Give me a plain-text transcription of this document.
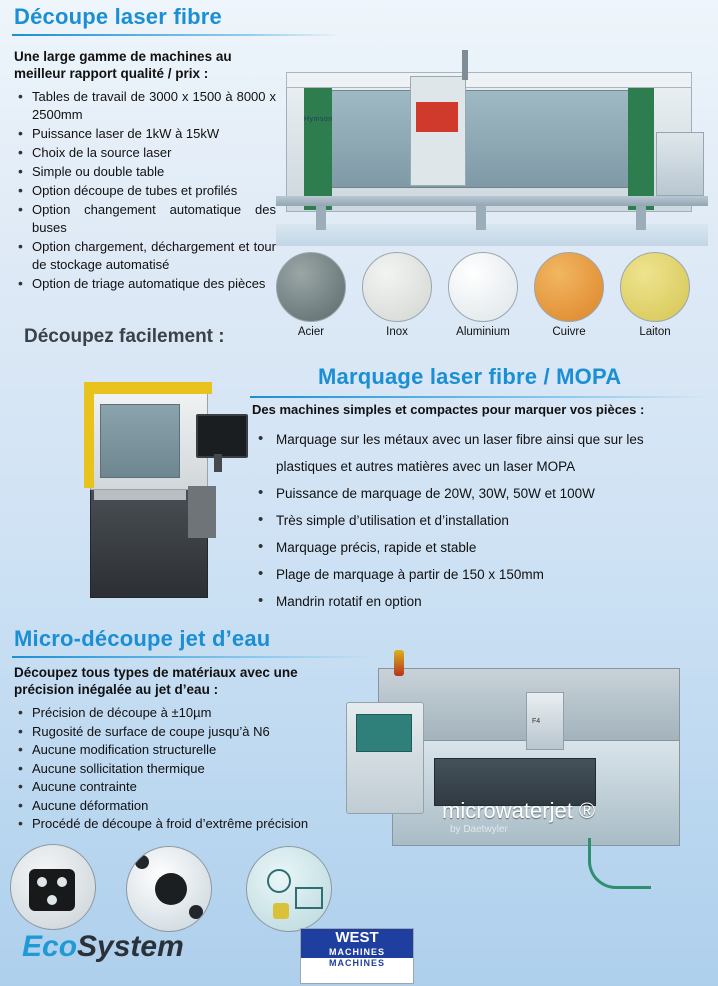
Découpe laser fibre
Une large gamme de machines au meilleur rapport qualité / prix :
• Tables de travail de 3000 x 1500 à 8000 x 2500mm
• Puissance laser de 1kW à 15kW
• Choix de la source laser
• Simple ou double table
• Option découpe de tubes et profilés
• Option changement automatique des buses
• Option chargement, déchargement et tour de stockage automatisé
• Option de triage automatique des pièces
Hymson
Acier	Inox	Aluminium	Cuivre	Laiton
Découpez facilement :
Marquage laser fibre / MOPA
Des machines simples et compactes pour marquer vos pièces :
• Marquage sur les métaux avec un laser fibre ainsi que sur les plastiques et autres matières avec un laser MOPA
• Puissance de marquage de 20W, 30W, 50W et 100W
• Très simple d’utilisation et d’installation
• Marquage précis, rapide et stable
• Plage de marquage à partir de 150 x 150mm
• Mandrin rotatif en option
Micro-découpe jet d’eau
Découpez tous types de matériaux avec une précision inégalée au jet d’eau :
• Précision de découpe à ±10µm
• Rugosité de surface de coupe jusqu’à N6
• Aucune modification structurelle
• Aucune sollicitation thermique
• Aucune contrainte
• Aucune déformation
• Procédé de découpe à froid d’extrême précision
F4
microwaterjet ®
by Daetwyler
EcoSystem	WEST
MACHINES
MACHINES
